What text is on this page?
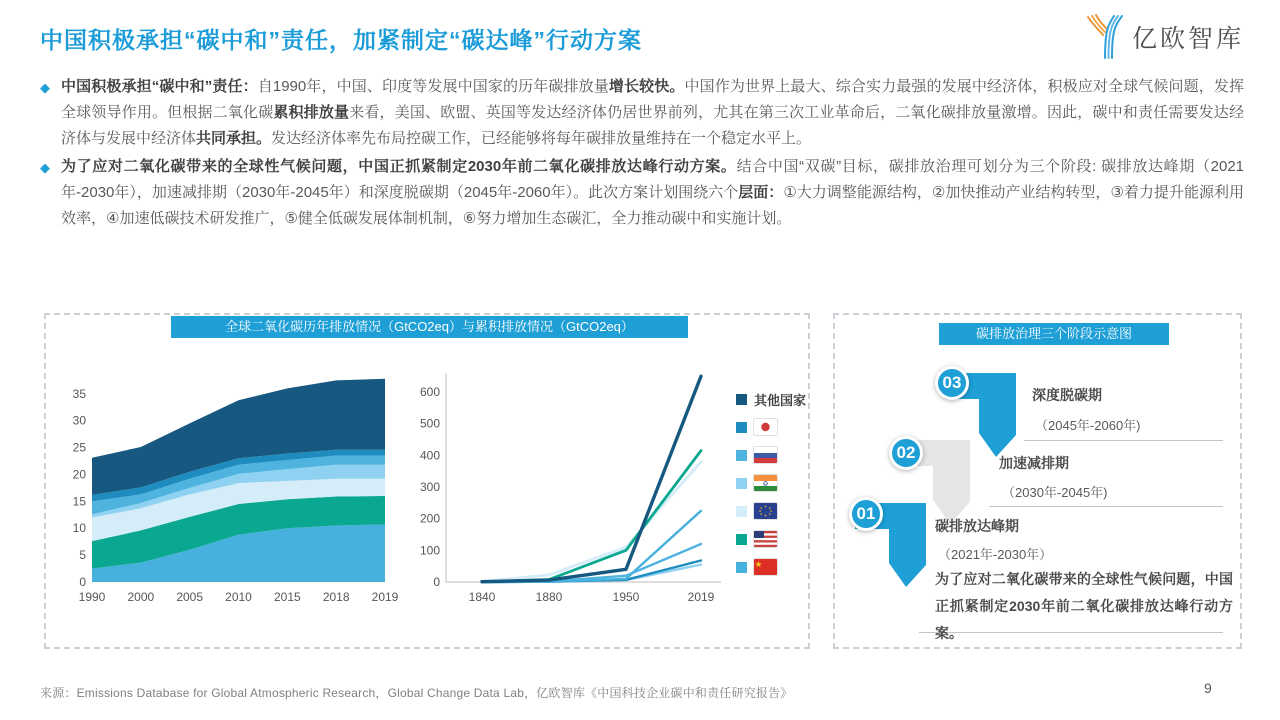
中国积极承担“碳中和”责任，加紧制定“碳达峰”行动方案	亿欧智库
◆ 中国积极承担“碳中和”责任：自1990年，中国、印度等发展中国家的历年碳排放量增长较快。中国作为世界上最大、综合实力最强的发展中经济体，积极应对全球气候问题，发挥全球领导作用。但根据二氧化碳累积排放量来看，美国、欧盟、英国等发达经济体仍居世界前列，尤其在第三次工业革命后，二氧化碳排放量激增。因此，碳中和责任需要发达经济体与发展中经济体共同承担。发达经济体率先布局控碳工作，已经能够将每年碳排放量维持在一个稳定水平上。
◆ 为了应对二氧化碳带来的全球性气候问题，中国正抓紧制定2030年前二氧化碳排放达峰行动方案。结合中国“双碳”目标，碳排放治理可划分为三个阶段: 碳排放达峰期（2021年-2030年），加速减排期（2030年-2045年）和深度脱碳期（2045年-2060年）。此次方案计划围绕六个层面：①大力调整能源结构，②加快推动产业结构转型，③着力提升能源利用效率，④加速低碳技术研发推广，⑤健全低碳发展体制机制，⑥努力增加生态碳汇，全力推动碳中和实施计划。
全球二氧化碳历年排放情况（GtCO2eq）与累积排放情况（GtCO2eq）
0
5
10
15
20
25
30
35
1990 2000 2005 2010 2015 2018 2019
0
100
200
300
400
500
600
1840	1880	1950	2019
其他国家
碳排放治理三个阶段示意图
03
深度脱碳期
（2045年-2060年)
02
加速减排期
（2030年-2045年)
01
碳排放达峰期
（2021年-2030年）
为了应对二氧化碳带来的全球性气候问题，中国正抓紧制定2030年前二氧化碳排放达峰行动方案。
来源：Emissions Database for Global Atmospheric Research，Global Change Data Lab，亿欧智库《中国科技企业碳中和责任研究报告》	9
